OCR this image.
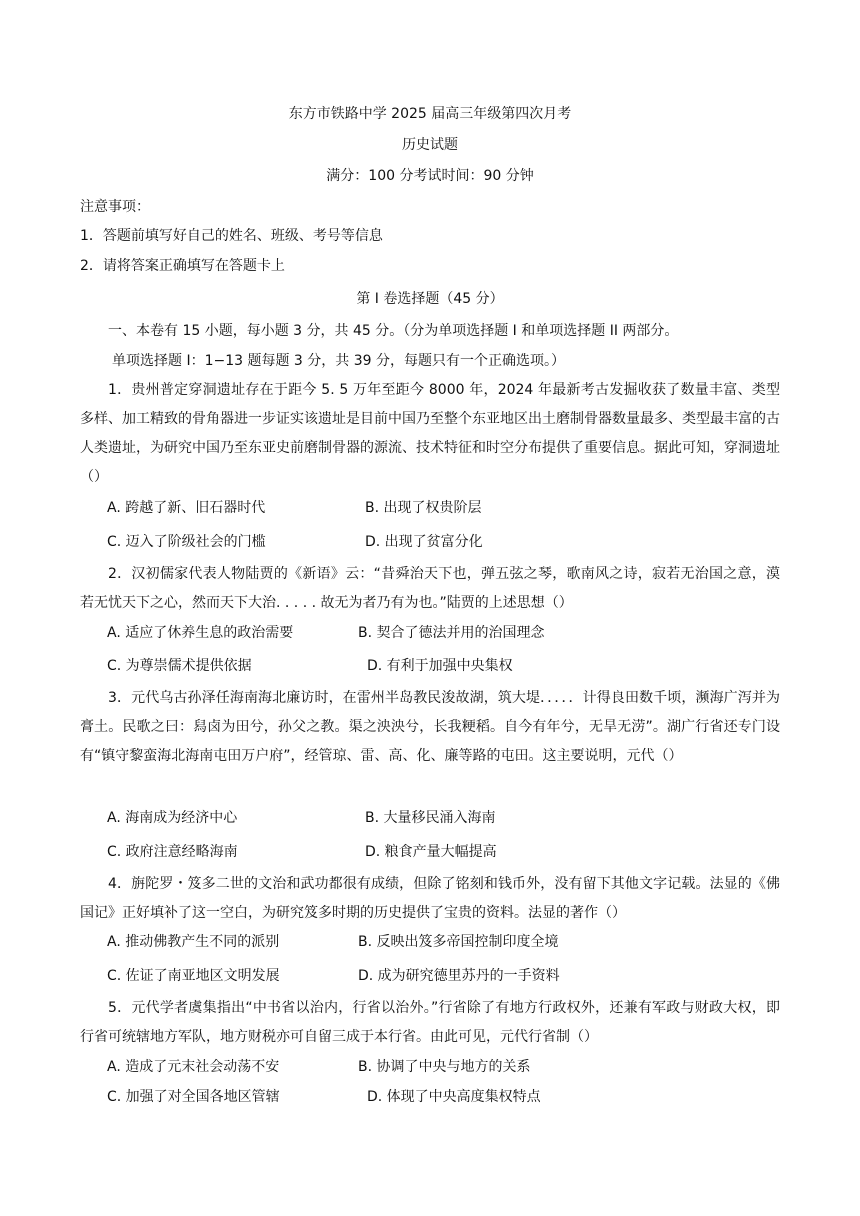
东方市铁路中学 2025 届高三年级第四次月考
历史试题
满分：100 分考试时间：90 分钟
注意事项：
1．答题前填写好自己的姓名、班级、考号等信息
2．请将答案正确填写在答题卡上
第 I 卷选择题（45 分）
一、本卷有 15 小题，每小题 3 分，共 45 分。（分为单项选择题 I 和单项选择题 II 两部分。
单项选择题 I：1−13 题每题 3 分，共 39 分，每题只有一个正确选项。）
1．贵州普定穿洞遗址存在于距今 5. 5 万年至距今 8000 年，2024 年最新考古发掘收获了数量丰富、类型多样、加工精致的骨角器进一步证实该遗址是目前中国乃至整个东亚地区出土磨制骨器数量最多、类型最丰富的古人类遗址，为研究中国乃至东亚史前磨制骨器的源流、技术特征和时空分布提供了重要信息。据此可知，穿洞遗址（）
A. 跨越了新、旧石器时代	B. 出现了权贵阶层
C. 迈入了阶级社会的门槛	D. 出现了贫富分化
2．汉初儒家代表人物陆贾的《新语》云：“昔舜治天下也，弹五弦之琴，歌南风之诗，寂若无治国之意，漠若无忧天下之心，然而天下大治. . . . . 故无为者乃有为也。”陆贾的上述思想（）
A. 适应了休养生息的政治需要	B. 契合了德法并用的治国理念
C. 为尊崇儒术提供依据	D. 有利于加强中央集权
3．元代乌古孙泽任海南海北廉访时，在雷州半岛教民浚故湖，筑大堤．．．．．计得良田数千顷，濒海广泻并为膏土。民歌之曰：舄卤为田兮，孙父之教。渠之泱泱兮，长我粳稻。自今有年兮，无旱无涝”。湖广行省还专门设有“镇守黎蛮海北海南屯田万户府”，经管琼、雷、高、化、廉等路的屯田。这主要说明，元代（）
A. 海南成为经济中心	B. 大量移民涌入海南
C. 政府注意经略海南	D. 粮食产量大幅提高
4．旃陀罗・笈多二世的文治和武功都很有成绩，但除了铭刻和钱币外，没有留下其他文字记载。法显的《佛国记》正好填补了这一空白，为研究笈多时期的历史提供了宝贵的资料。法显的著作（）
A. 推动佛教产生不同的派别	B. 反映出笈多帝国控制印度全境
C. 佐证了南亚地区文明发展	D. 成为研究德里苏丹的一手资料
5．元代学者虞集指出“中书省以治内，行省以治外。”行省除了有地方行政权外，还兼有军政与财政大权，即行省可统辖地方军队，地方财税亦可自留三成于本行省。由此可见，元代行省制（）
A. 造成了元末社会动荡不安	B. 协调了中央与地方的关系
C. 加强了对全国各地区管辖	D. 体现了中央高度集权特点
